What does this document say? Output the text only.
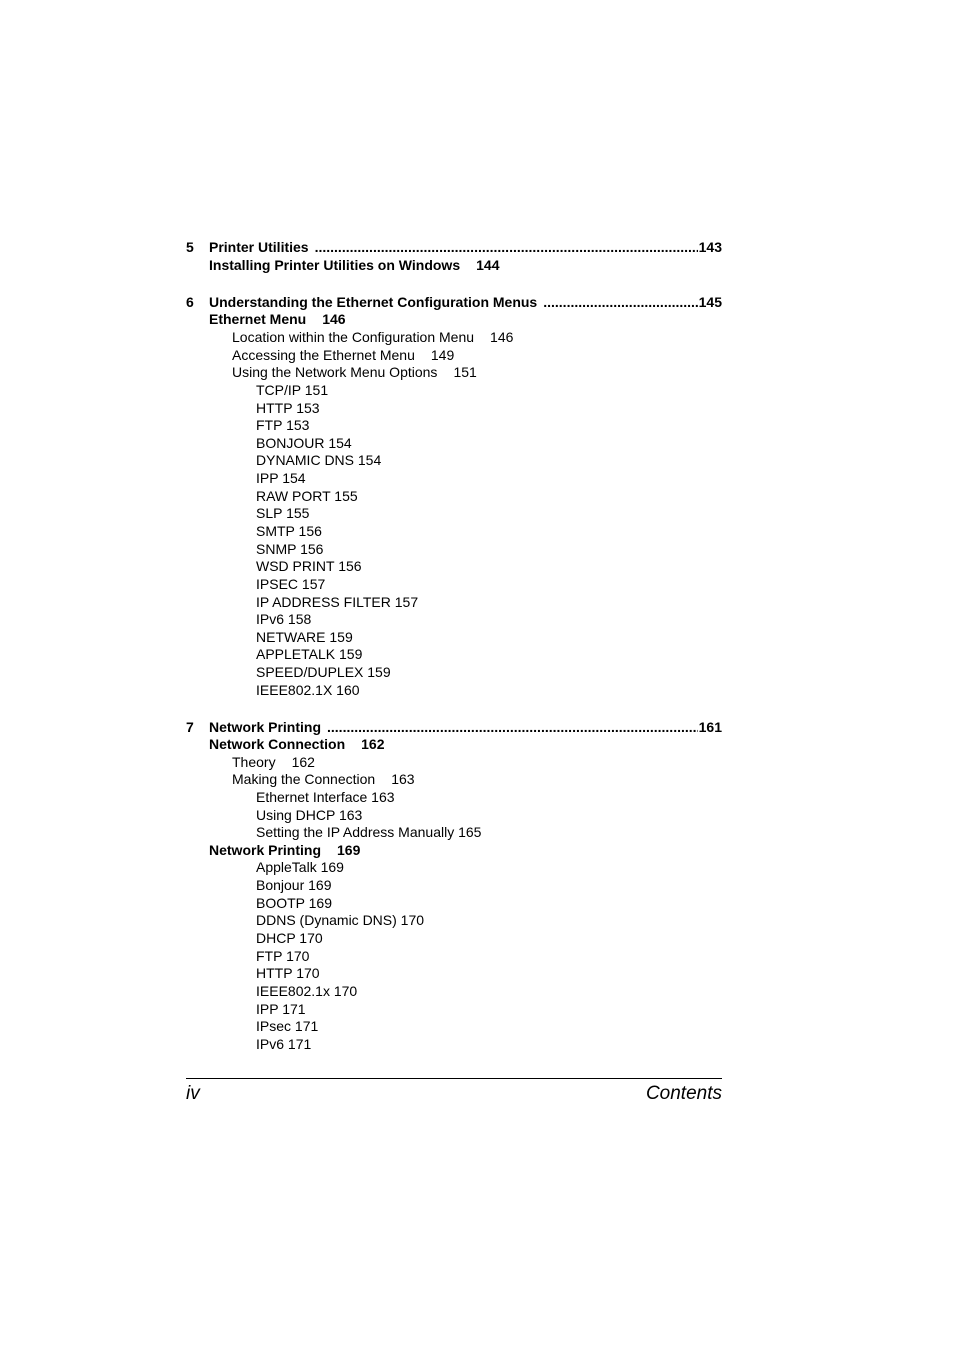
5	Printer Utilities .....	143
Installing Printer Utilities on Windows 144
6	Understanding the Ethernet Configuration Menus .....	145
Ethernet Menu 146
Location within the Configuration Menu 146
Accessing the Ethernet Menu 149
Using the Network Menu Options 151
TCP/IP 151
HTTP 153
FTP 153
BONJOUR 154
DYNAMIC DNS 154
IPP 154
RAW PORT 155
SLP 155
SMTP 156
SNMP 156
WSD PRINT 156
IPSEC 157
IP ADDRESS FILTER 157
IPv6 158
NETWARE 159
APPLETALK 159
SPEED/DUPLEX 159
IEEE802.1X 160
7	Network Printing .....	161
Network Connection 162
Theory 162
Making the Connection 163
Ethernet Interface 163
Using DHCP 163
Setting the IP Address Manually 165
Network Printing 169
AppleTalk 169
Bonjour 169
BOOTP 169
DDNS (Dynamic DNS) 170
DHCP 170
FTP 170
HTTP 170
IEEE802.1x 170
IPP 171
IPsec 171
IPv6 171
iv	Contents
